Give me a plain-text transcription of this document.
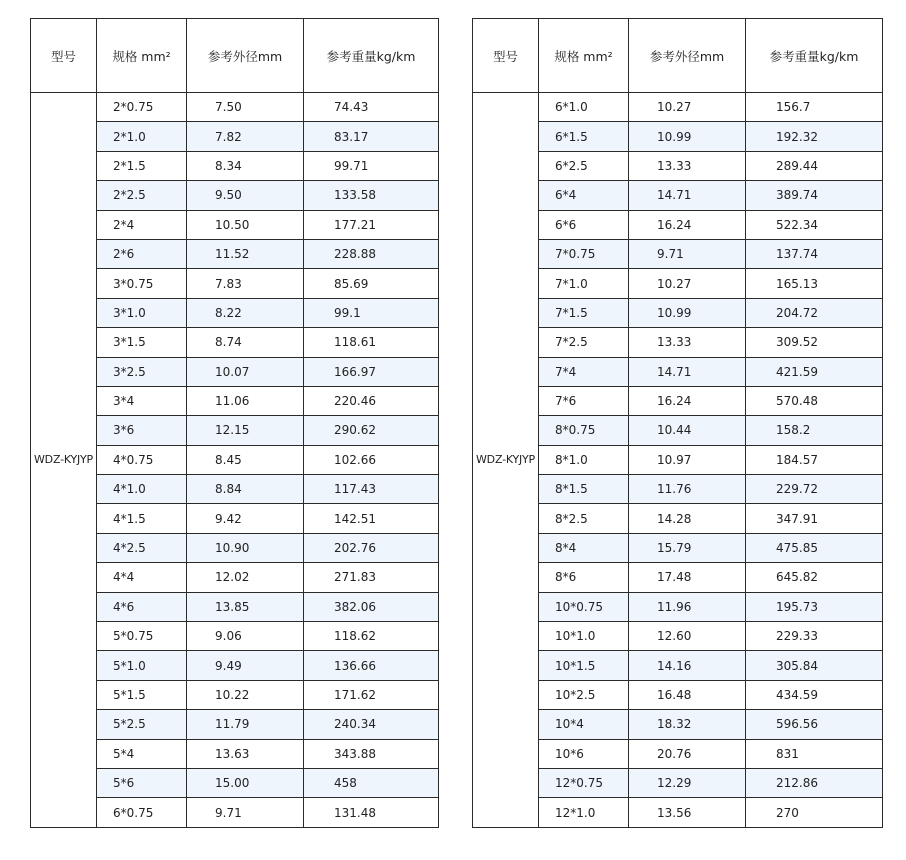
型号	规格 mm²	参考外径mm	参考重量kg/km
WDZ-KYJYP	2*0.75	7.50	74.43
	2*1.0	7.82	83.17
	2*1.5	8.34	99.71
	2*2.5	9.50	133.58
	2*4	10.50	177.21
	2*6	11.52	228.88
	3*0.75	7.83	85.69
	3*1.0	8.22	99.1
	3*1.5	8.74	118.61
	3*2.5	10.07	166.97
	3*4	11.06	220.46
	3*6	12.15	290.62
	4*0.75	8.45	102.66
	4*1.0	8.84	117.43
	4*1.5	9.42	142.51
	4*2.5	10.90	202.76
	4*4	12.02	271.83
	4*6	13.85	382.06
	5*0.75	9.06	118.62
	5*1.0	9.49	136.66
	5*1.5	10.22	171.62
	5*2.5	11.79	240.34
	5*4	13.63	343.88
	5*6	15.00	458
	6*0.75	9.71	131.48
型号	规格 mm²	参考外径mm	参考重量kg/km
WDZ-KYJYP	6*1.0	10.27	156.7
	6*1.5	10.99	192.32
	6*2.5	13.33	289.44
	6*4	14.71	389.74
	6*6	16.24	522.34
	7*0.75	9.71	137.74
	7*1.0	10.27	165.13
	7*1.5	10.99	204.72
	7*2.5	13.33	309.52
	7*4	14.71	421.59
	7*6	16.24	570.48
	8*0.75	10.44	158.2
	8*1.0	10.97	184.57
	8*1.5	11.76	229.72
	8*2.5	14.28	347.91
	8*4	15.79	475.85
	8*6	17.48	645.82
	10*0.75	11.96	195.73
	10*1.0	12.60	229.33
	10*1.5	14.16	305.84
	10*2.5	16.48	434.59
	10*4	18.32	596.56
	10*6	20.76	831
	12*0.75	12.29	212.86
	12*1.0	13.56	270
